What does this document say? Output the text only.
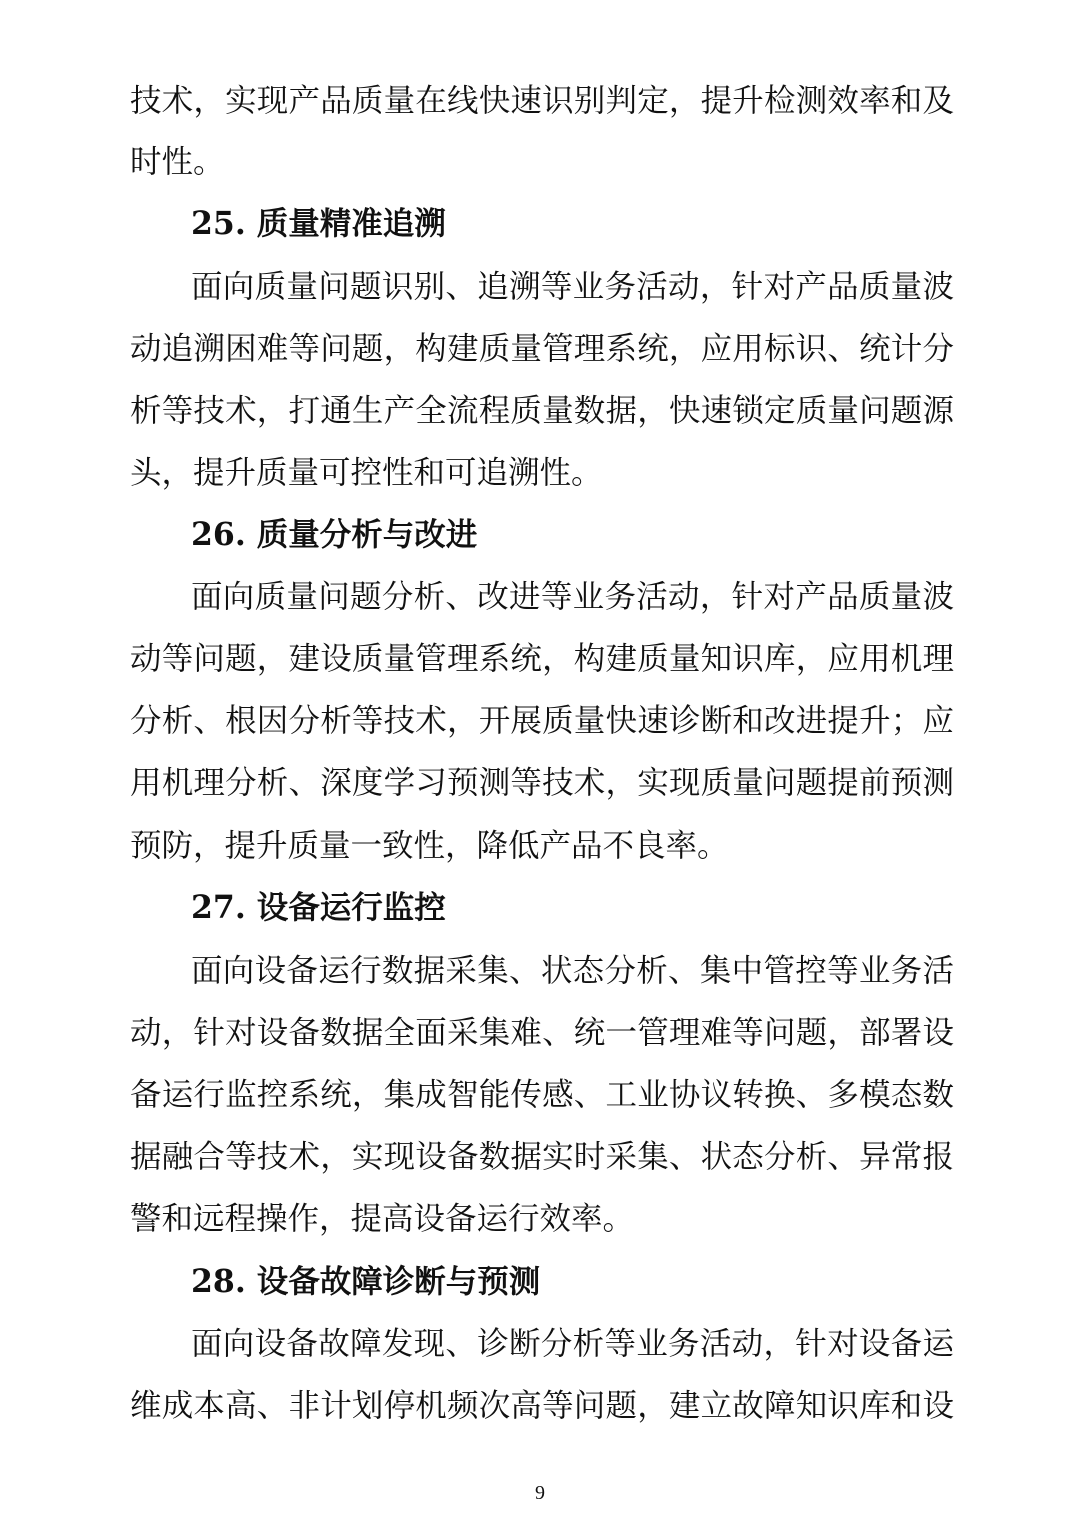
技术，实现产品质量在线快速识别判定，提升检测效率和及
时性。
25. 质量精准追溯
面向质量问题识别、追溯等业务活动，针对产品质量波
动追溯困难等问题，构建质量管理系统，应用标识、统计分
析等技术，打通生产全流程质量数据，快速锁定质量问题源
头，提升质量可控性和可追溯性。
26. 质量分析与改进
面向质量问题分析、改进等业务活动，针对产品质量波
动等问题，建设质量管理系统，构建质量知识库，应用机理
分析、根因分析等技术，开展质量快速诊断和改进提升；应
用机理分析、深度学习预测等技术，实现质量问题提前预测
预防，提升质量一致性，降低产品不良率。
27. 设备运行监控
面向设备运行数据采集、状态分析、集中管控等业务活
动，针对设备数据全面采集难、统一管理难等问题，部署设
备运行监控系统，集成智能传感、工业协议转换、多模态数
据融合等技术，实现设备数据实时采集、状态分析、异常报
警和远程操作，提高设备运行效率。
28. 设备故障诊断与预测
面向设备故障发现、诊断分析等业务活动，针对设备运
维成本高、非计划停机频次高等问题，建立故障知识库和设
9
